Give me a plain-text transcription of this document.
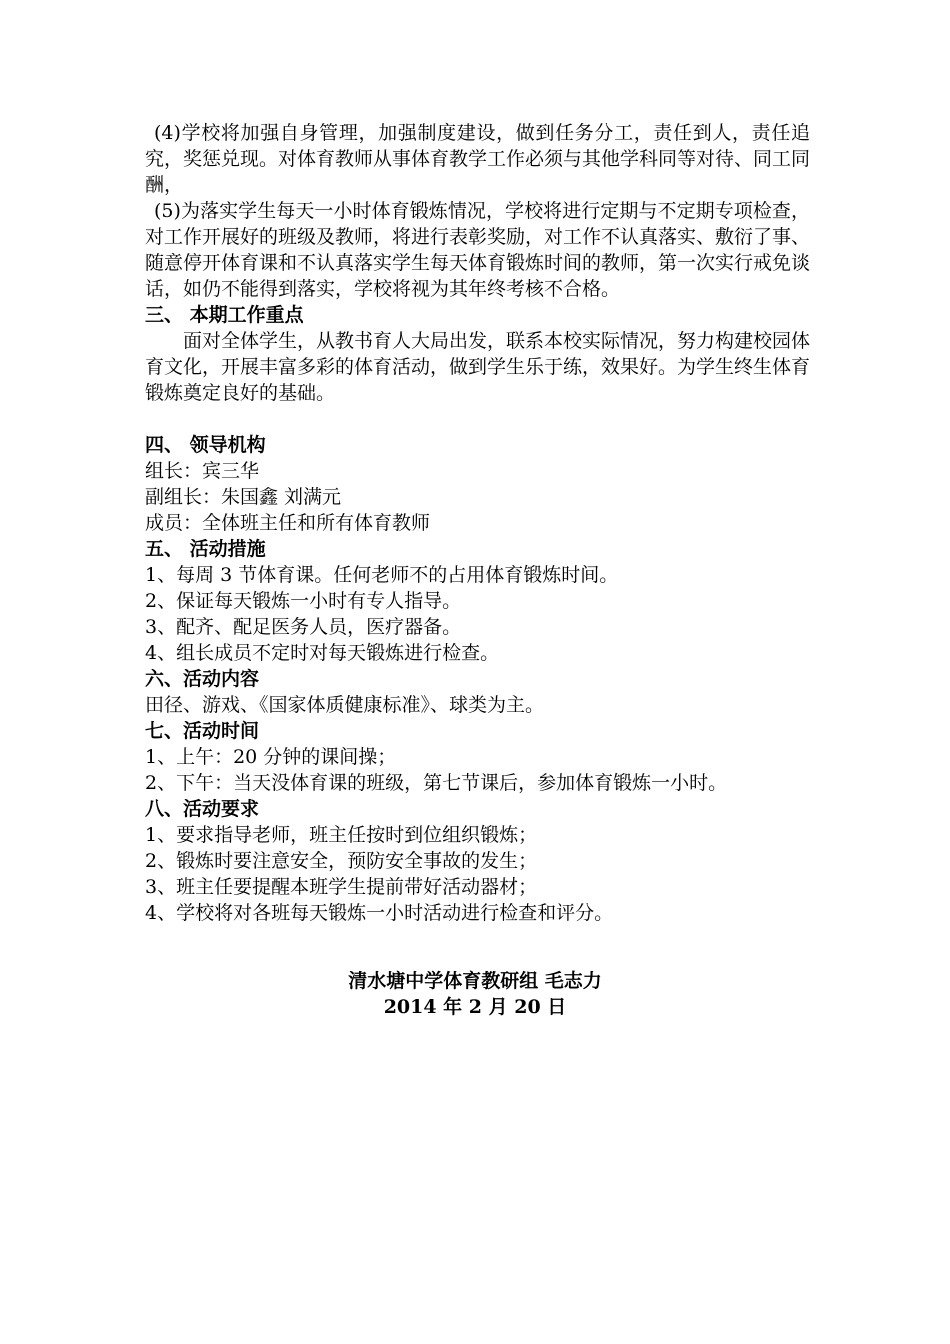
(4)学校将加强自身管理，加强制度建设，做到任务分工，责任到人，责任追究，奖惩兑现。对体育教师从事体育教学工作必须与其他学科同等对待、同工同酬，

(5)为落实学生每天一小时体育锻炼情况，学校将进行定期与不定期专项检查，对工作开展好的班级及教师，将进行表彰奖励，对工作不认真落实、敷衍了事、随意停开体育课和不认真落实学生每天体育锻炼时间的教师，第一次实行戒免谈话，如仍不能得到落实，学校将视为其年终考核不合格。

三、 本期工作重点

面对全体学生，从教书育人大局出发，联系本校实际情况，努力构建校园体育文化，开展丰富多彩的体育活动，做到学生乐于练，效果好。为学生终生体育锻炼奠定良好的基础。

四、 领导机构

组长：宾三华

副组长：朱国鑫 刘满元

成员：全体班主任和所有体育教师

五、 活动措施

1、每周 3 节体育课。任何老师不的占用体育锻炼时间。

2、保证每天锻炼一小时有专人指导。

3、配齐、配足医务人员，医疗器备。

4、组长成员不定时对每天锻炼进行检查。

六、活动内容

田径、游戏、《国家体质健康标准》、球类为主。

七、活动时间

1、上午：20 分钟的课间操；

2、下午：当天没体育课的班级，第七节课后，参加体育锻炼一小时。

八、活动要求

1、要求指导老师，班主任按时到位组织锻炼；

2、锻炼时要注意安全，预防安全事故的发生；

3、班主任要提醒本班学生提前带好活动器材；

4、学校将对各班每天锻炼一小时活动进行检查和评分。

清水塘中学体育教研组 毛志力
2014 年 2 月 20 日
